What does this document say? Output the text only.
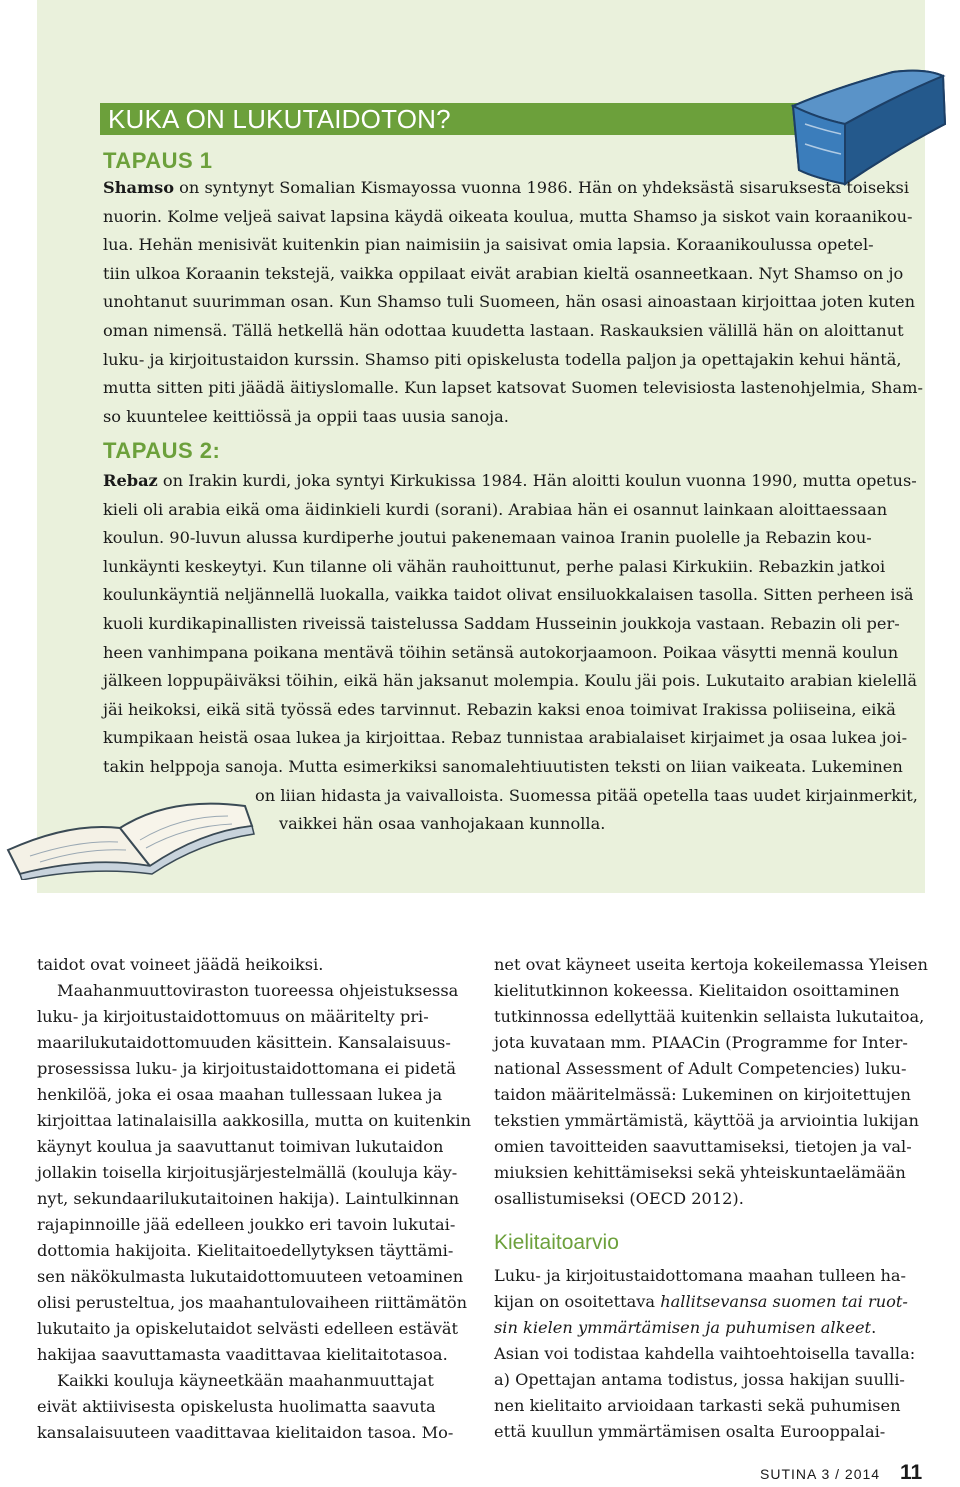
KUKA ON LUKUTAIDOTON?
TAPAUS 1
Shamso on syntynyt Somalian Kismayossa vuonna 1986. Hän on yhdeksästä sisaruksesta toiseksi
nuorin. Kolme veljeä saivat lapsina käydä oikeata koulua, mutta Shamso ja siskot vain koraanikou-
lua. Hehän menisivät kuitenkin pian naimisiin ja saisivat omia lapsia. Koraanikoulussa opetel-
tiin ulkoa Koraanin tekstejä, vaikka oppilaat eivät arabian kieltä osanneetkaan. Nyt Shamso on jo
unohtanut suurimman osan. Kun Shamso tuli Suomeen, hän osasi ainoastaan kirjoittaa joten kuten
oman nimensä. Tällä hetkellä hän odottaa kuudetta lastaan. Raskauksien välillä hän on aloittanut
luku- ja kirjoitustaidon kurssin. Shamso piti opiskelusta todella paljon ja opettajakin kehui häntä,
mutta sitten piti jäädä äitiyslomalle. Kun lapset katsovat Suomen televisiosta lastenohjelmia, Sham-
so kuuntelee keittiössä ja oppii taas uusia sanoja.
TAPAUS 2:
Rebaz on Irakin kurdi, joka syntyi Kirkukissa 1984. Hän aloitti koulun vuonna 1990, mutta opetus-
kieli oli arabia eikä oma äidinkieli kurdi (sorani). Arabiaa hän ei osannut lainkaan aloittaessaan
koulun. 90-luvun alussa kurdiperhe joutui pakenemaan vainoa Iranin puolelle ja Rebazin kou-
lunkäynti keskeytyi. Kun tilanne oli vähän rauhoittunut, perhe palasi Kirkukiin. Rebazkin jatkoi
koulunkäyntiä neljännellä luokalla, vaikka taidot olivat ensiluokkalaisen tasolla. Sitten perheen isä
kuoli kurdikapinallisten riveissä taistelussa Saddam Husseinin joukkoja vastaan. Rebazin oli per-
heen vanhimpana poikana mentävä töihin setänsä autokorjaamoon. Poikaa väsytti mennä koulun
jälkeen loppupäiväksi töihin, eikä hän jaksanut molempia. Koulu jäi pois. Lukutaito arabian kielellä
jäi heikoksi, eikä sitä työssä edes tarvinnut. Rebazin kaksi enoa toimivat Irakissa poliiseina, eikä
kumpikaan heistä osaa lukea ja kirjoittaa. Rebaz tunnistaa arabialaiset kirjaimet ja osaa lukea joi-
takin helppoja sanoja. Mutta esimerkiksi sanomalehtiuutisten teksti on liian vaikeata. Lukeminen
on liian hidasta ja vaivalloista. Suomessa pitää opetella taas uudet kirjainmerkit,
vaikkei hän osaa vanhojakaan kunnolla.
taidot ovat voineet jäädä heikoiksi.
Maahanmuuttoviraston tuoreessa ohjeistuksessa
luku- ja kirjoitustaidottomuus on määritelty pri-
maarilukutaidottomuuden käsittein. Kansalaisuus-
prosessissa luku- ja kirjoitustaidottomana ei pidetä
henkilöä, joka ei osaa maahan tullessaan lukea ja
kirjoittaa latinalaisilla aakkosilla, mutta on kuitenkin
käynyt koulua ja saavuttanut toimivan lukutaidon
jollakin toisella kirjoitusjärjestelmällä (kouluja käy-
nyt, sekundaarilukutaitoinen hakija). Laintulkinnan
rajapinnoille jää edelleen joukko eri tavoin lukutai-
dottomia hakijoita. Kielitaitoedellytyksen täyttämi-
sen näkökulmasta lukutaidottomuuteen vetoaminen
olisi perusteltua, jos maahantulovaiheen riittämätön
lukutaito ja opiskelutaidot selvästi edelleen estävät
hakijaa saavuttamasta vaadittavaa kielitaitotasoa.
Kaikki kouluja käyneetkään maahanmuuttajat
eivät aktiivisesta opiskelusta huolimatta saavuta
kansalaisuuteen vaadittavaa kielitaidon tasoa. Mo-
net ovat käyneet useita kertoja kokeilemassa Yleisen
kielitutkinnon kokeessa. Kielitaidon osoittaminen
tutkinnossa edellyttää kuitenkin sellaista lukutaitoa,
jota kuvataan mm. PIAACin (Programme for Inter-
national Assessment of Adult Competencies) luku-
taidon määritelmässä: Lukeminen on kirjoitettujen
tekstien ymmärtämistä, käyttöä ja arviointia lukijan
omien tavoitteiden saavuttamiseksi, tietojen ja val-
miuksien kehittämiseksi sekä yhteiskuntaelämään
osallistumiseksi (OECD 2012).
Kielitaitoarvio
Luku- ja kirjoitustaidottomana maahan tulleen ha-
kijan on osoitettava hallitsevansa suomen tai ruot-
sin kielen ymmärtämisen ja puhumisen alkeet.
Asian voi todistaa kahdella vaihtoehtoisella tavalla:
a) Opettajan antama todistus, jossa hakijan suulli-
nen kielitaito arvioidaan tarkasti sekä puhumisen
että kuullun ymmärtämisen osalta Eurooppalai-
SUTINA 3 / 2014 11
